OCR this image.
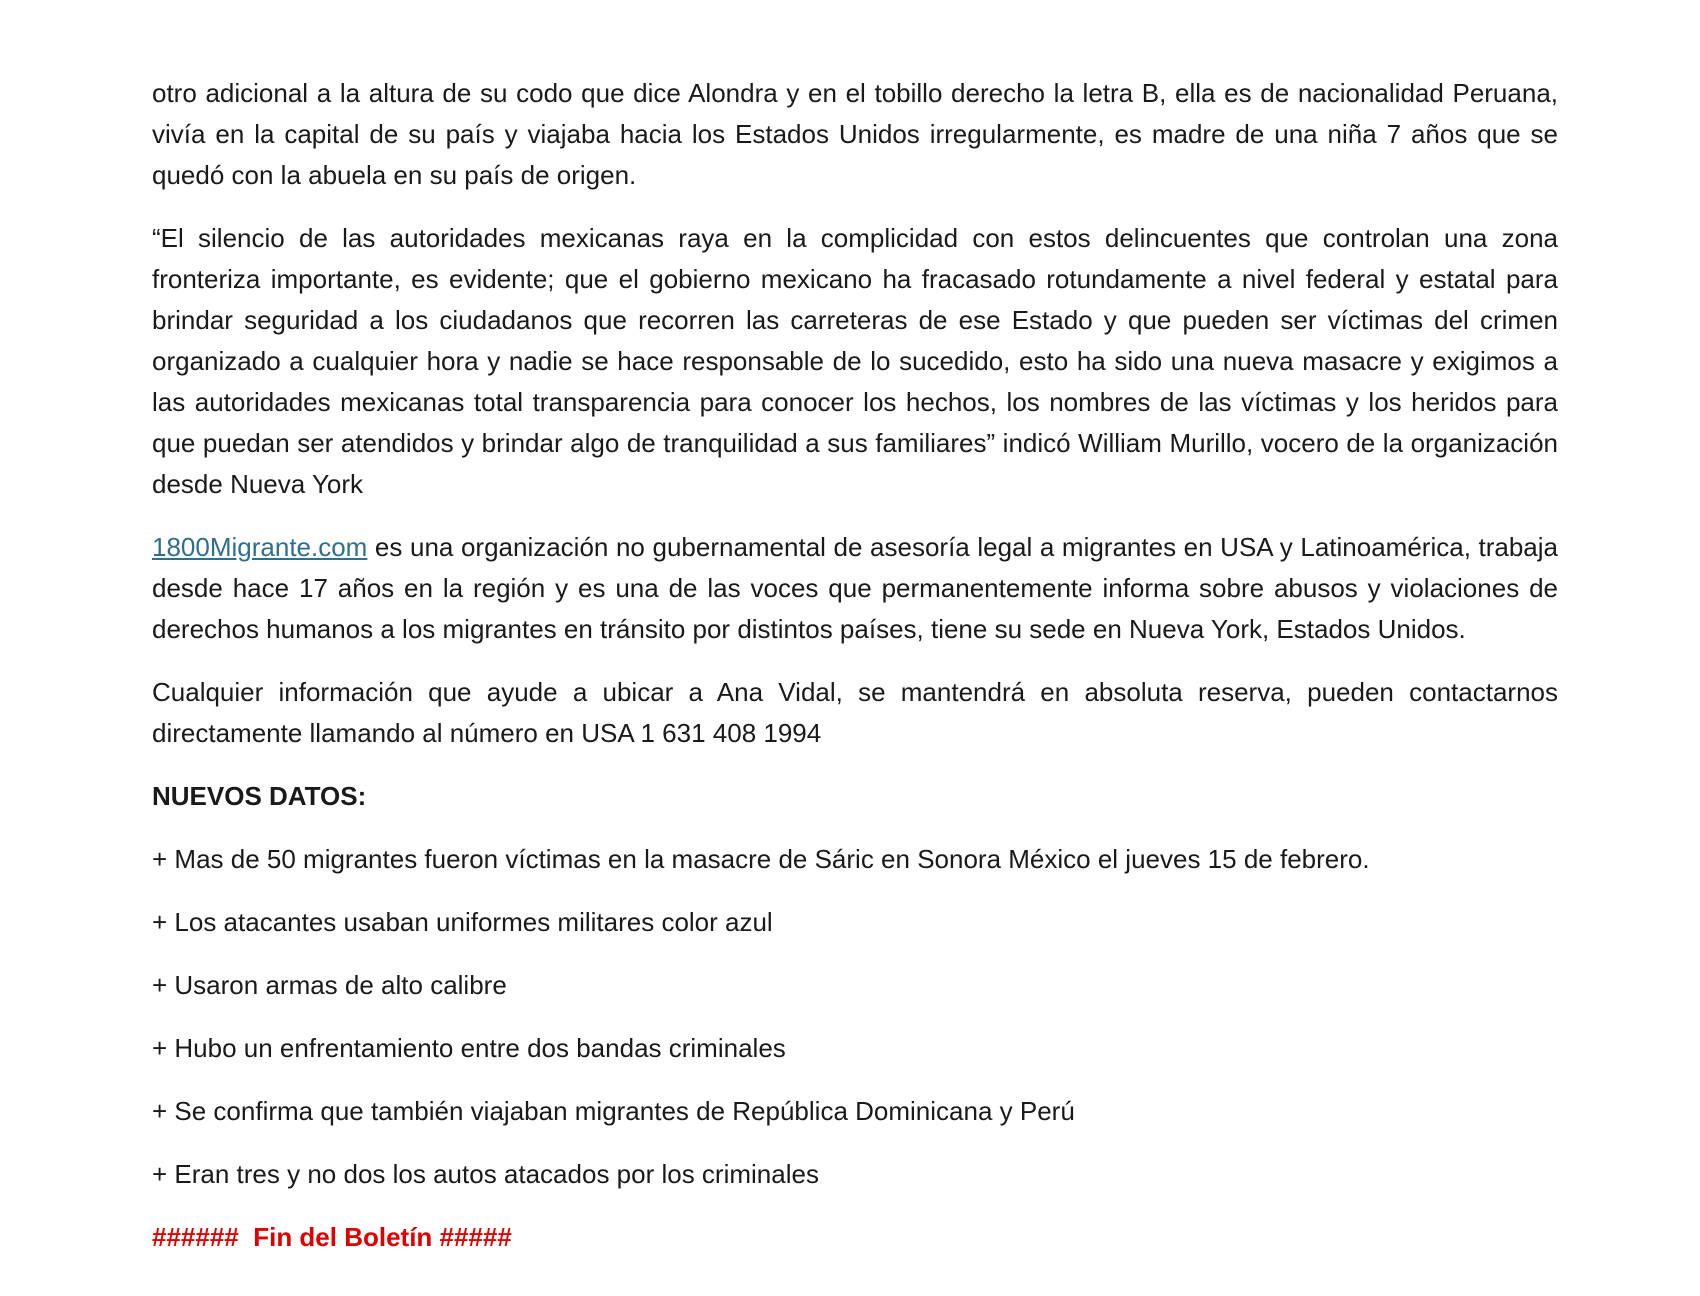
otro adicional a la altura de su codo que dice Alondra y en el tobillo derecho la letra B, ella es de nacionalidad Peruana, vivía en la capital de su país y viajaba hacia los Estados Unidos irregularmente, es madre de una niña 7 años que se quedó con la abuela en su país de origen.

“El silencio de las autoridades mexicanas raya en la complicidad con estos delincuentes que controlan una zona fronteriza importante, es evidente; que el gobierno mexicano ha fracasado rotundamente a nivel federal y estatal para brindar seguridad a los ciudadanos que recorren las carreteras de ese Estado y que pueden ser víctimas del crimen organizado a cualquier hora y nadie se hace responsable de lo sucedido, esto ha sido una nueva masacre y exigimos a las autoridades mexicanas total transparencia para conocer los hechos, los nombres de las víctimas y los heridos para que puedan ser atendidos y brindar algo de tranquilidad a sus familiares” indicó William Murillo, vocero de la organización desde Nueva York

1800Migrante.com es una organización no gubernamental de asesoría legal a migrantes en USA y Latinoamérica, trabaja desde hace 17 años en la región y es una de las voces que permanentemente informa sobre abusos y violaciones de derechos humanos a los migrantes en tránsito por distintos países, tiene su sede en Nueva York, Estados Unidos.

Cualquier información que ayude a ubicar a Ana Vidal, se mantendrá en absoluta reserva, pueden contactarnos directamente llamando al número en USA 1 631 408 1994

NUEVOS DATOS:

+ Mas de 50 migrantes fueron víctimas en la masacre de Sáric en Sonora México el jueves 15 de febrero.

+ Los atacantes usaban uniformes militares color azul

+ Usaron armas de alto calibre

+ Hubo un enfrentamiento entre dos bandas criminales

+ Se confirma que también viajaban migrantes de República Dominicana y Perú

+ Eran tres y no dos los autos atacados por los criminales

######  Fin del Boletín #####
